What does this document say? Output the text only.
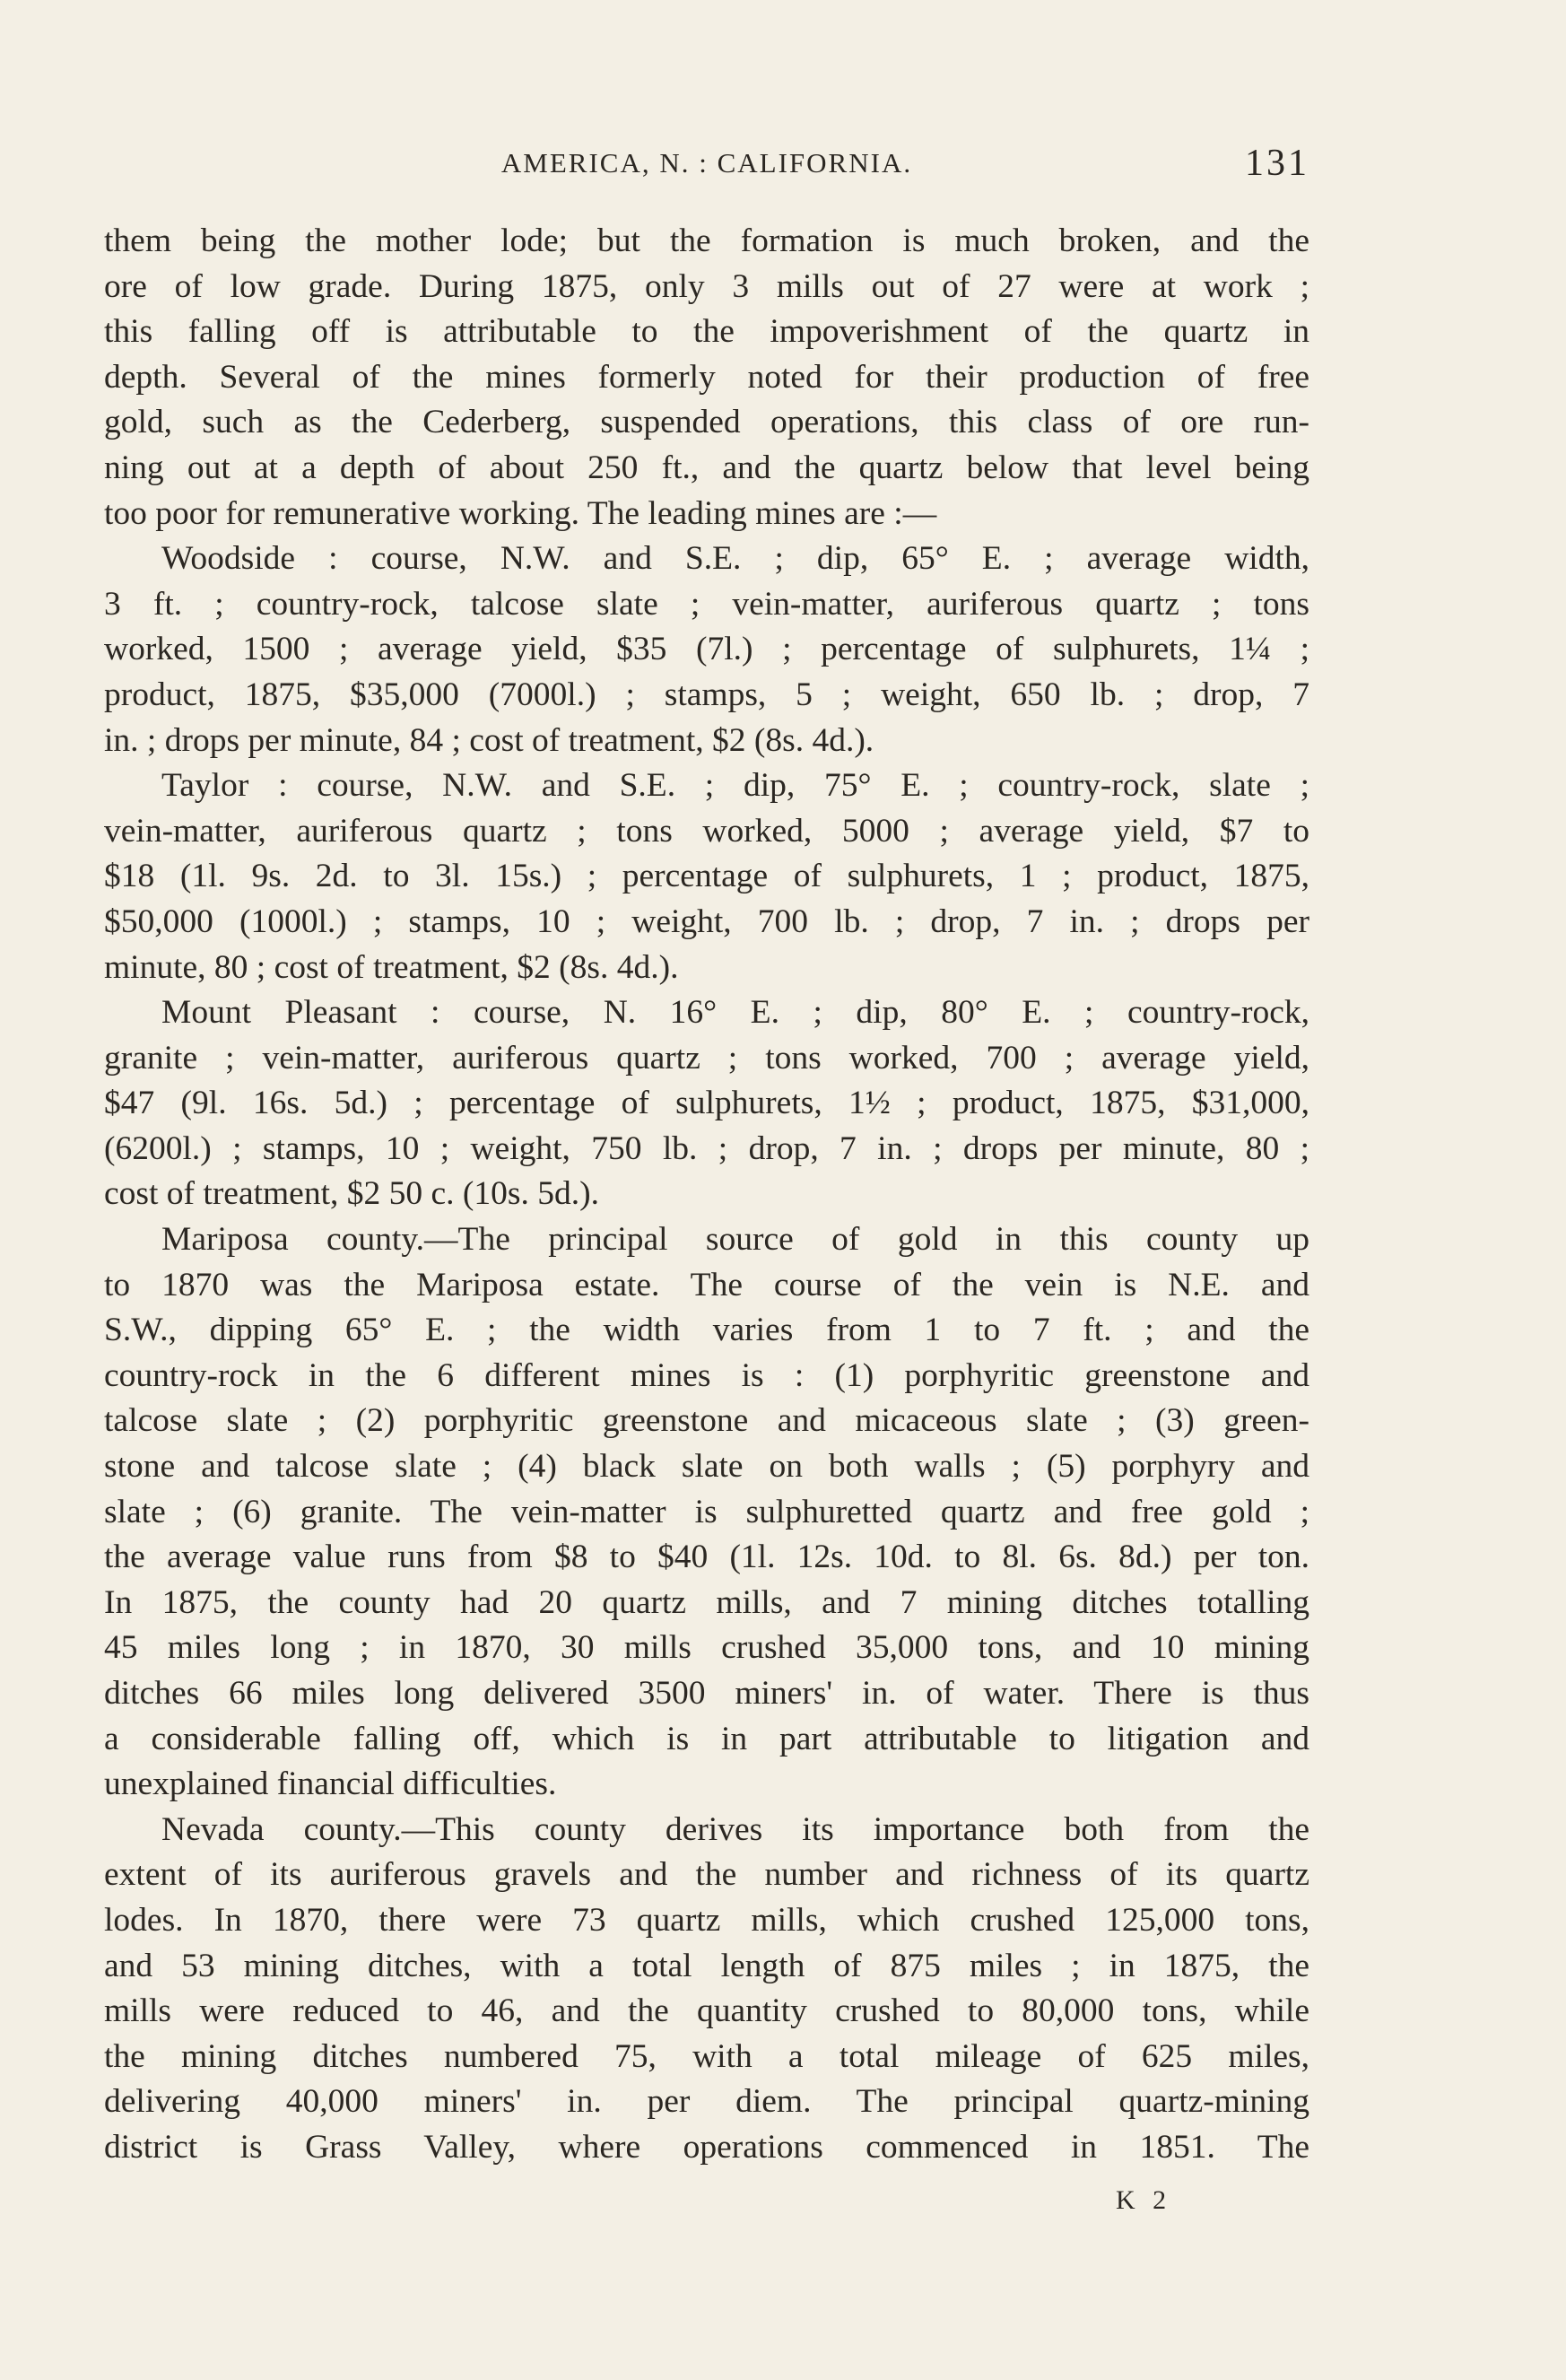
AMERICA, N. : CALIFORNIA.	131
them being the mother lode; but the formation is much broken, and the
ore of low grade. During 1875, only 3 mills out of 27 were at work ;
this falling off is attributable to the impoverishment of the quartz in
depth. Several of the mines formerly noted for their production of free
gold, such as the Cederberg, suspended operations, this class of ore run-
ning out at a depth of about 250 ft., and the quartz below that level being
too poor for remunerative working. The leading mines are :—
Woodside : course, N.W. and S.E. ; dip, 65° E. ; average width,
3 ft. ; country-rock, talcose slate ; vein-matter, auriferous quartz ; tons
worked, 1500 ; average yield, $35 (7l.) ; percentage of sulphurets, 1¼ ;
product, 1875, $35,000 (7000l.) ; stamps, 5 ; weight, 650 lb. ; drop, 7
in. ; drops per minute, 84 ; cost of treatment, $2 (8s. 4d.).
Taylor : course, N.W. and S.E. ; dip, 75° E. ; country-rock, slate ;
vein-matter, auriferous quartz ; tons worked, 5000 ; average yield, $7 to
$18 (1l. 9s. 2d. to 3l. 15s.) ; percentage of sulphurets, 1 ; product, 1875,
$50,000 (1000l.) ; stamps, 10 ; weight, 700 lb. ; drop, 7 in. ; drops per
minute, 80 ; cost of treatment, $2 (8s. 4d.).
Mount Pleasant : course, N. 16° E. ; dip, 80° E. ; country-rock,
granite ; vein-matter, auriferous quartz ; tons worked, 700 ; average yield,
$47 (9l. 16s. 5d.) ; percentage of sulphurets, 1½ ; product, 1875, $31,000,
(6200l.) ; stamps, 10 ; weight, 750 lb. ; drop, 7 in. ; drops per minute, 80 ;
cost of treatment, $2 50 c. (10s. 5d.).
Mariposa county.—The principal source of gold in this county up
to 1870 was the Mariposa estate. The course of the vein is N.E. and
S.W., dipping 65° E. ; the width varies from 1 to 7 ft. ; and the
country-rock in the 6 different mines is : (1) porphyritic greenstone and
talcose slate ; (2) porphyritic greenstone and micaceous slate ; (3) green-
stone and talcose slate ; (4) black slate on both walls ; (5) porphyry and
slate ; (6) granite. The vein-matter is sulphuretted quartz and free gold ;
the average value runs from $8 to $40 (1l. 12s. 10d. to 8l. 6s. 8d.) per ton.
In 1875, the county had 20 quartz mills, and 7 mining ditches totalling
45 miles long ; in 1870, 30 mills crushed 35,000 tons, and 10 mining
ditches 66 miles long delivered 3500 miners' in. of water. There is thus
a considerable falling off, which is in part attributable to litigation and
unexplained financial difficulties.
Nevada county.—This county derives its importance both from the
extent of its auriferous gravels and the number and richness of its quartz
lodes. In 1870, there were 73 quartz mills, which crushed 125,000 tons,
and 53 mining ditches, with a total length of 875 miles ; in 1875, the
mills were reduced to 46, and the quantity crushed to 80,000 tons, while
the mining ditches numbered 75, with a total mileage of 625 miles,
delivering 40,000 miners' in. per diem. The principal quartz-mining
district is Grass Valley, where operations commenced in 1851. The
K 2
